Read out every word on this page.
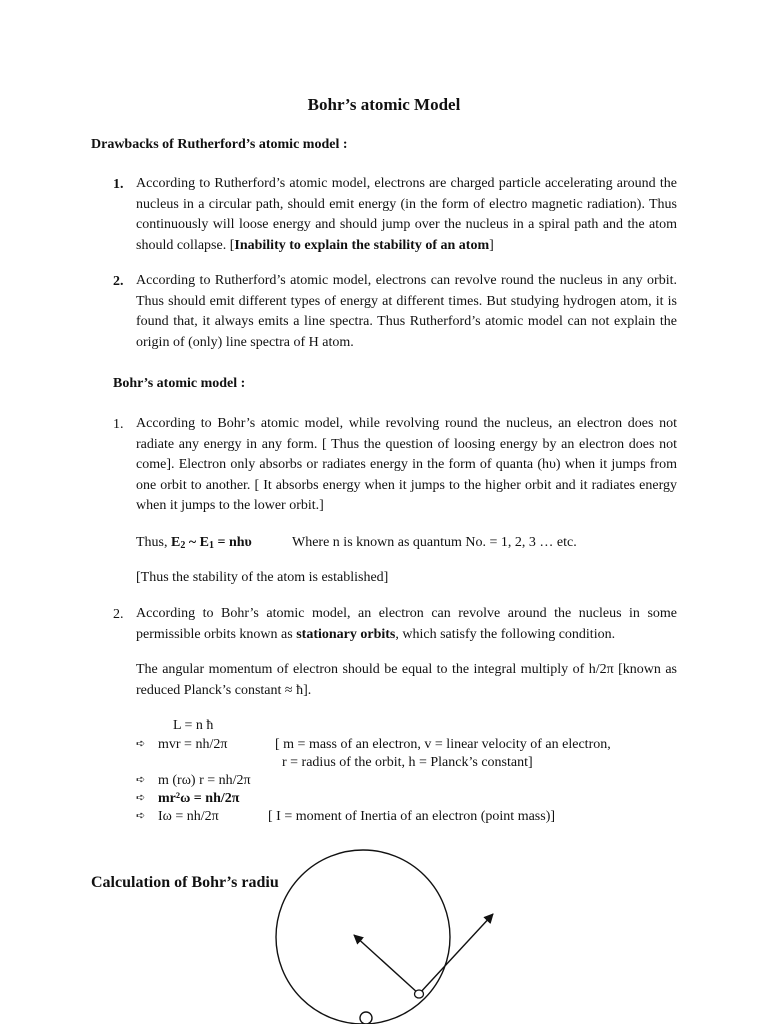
Bohr’s atomic Model
Drawbacks of Rutherford’s atomic model :
1. According to Rutherford’s atomic model, electrons are charged particle accelerating around the nucleus in a circular path, should emit energy (in the form of electro magnetic radiation). Thus continuously will loose energy and should jump over the nucleus in a spiral path and the atom should collapse. [Inability to explain the stability of an atom]
2. According to Rutherford’s atomic model, electrons can revolve round the nucleus in any orbit. Thus should emit different types of energy at different times. But studying hydrogen atom, it is found that, it always emits a line spectra. Thus Rutherford’s atomic model can not explain the origin of (only) line spectra of H atom.
Bohr’s atomic model :
1. According to Bohr’s atomic model, while revolving round the nucleus, an electron does not radiate any energy in any form. [ Thus the question of loosing energy by an electron does not come]. Electron only absorbs or radiates energy in the form of quanta (hυ) when it jumps from one orbit to another. [ It absorbs energy when it jumps to the higher orbit and it radiates energy when it jumps to the lower orbit.]
Thus, $E_2$ ~ $E_1 = nh\upsilon$	Where n is known as quantum No. = 1, 2, 3 … etc.
[Thus the stability of the atom is established]
2. According to Bohr’s atomic model, an electron can revolve around the nucleus in some permissible orbits known as stationary orbits, which satisfy the following condition.
The angular momentum of electron should be equal to the integral multiply of h/2π [known as reduced Planck’s constant ≈ ħ].
L = n ħ
➪ mvr = nh/2π	[ m = mass of an electron, v = linear velocity of an electron,
r = radius of the orbit, h = Planck’s constant]
➪ m (rω) r = nh/2π
➪ mr²ω = nh/2π
➪ Iω = nh/2π	[ I = moment of Inertia of an electron (point mass)]
Calculation of Bohr’s radiu
